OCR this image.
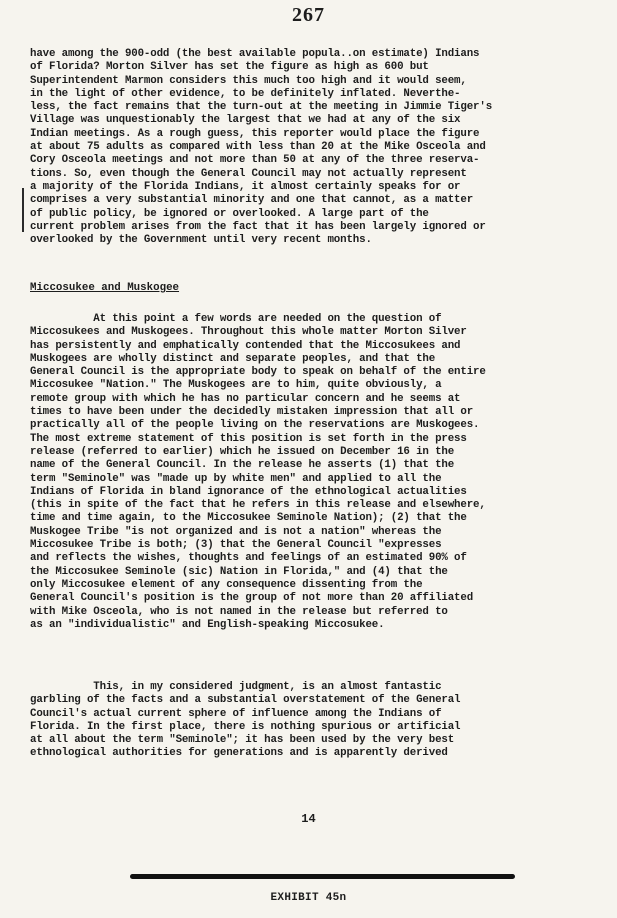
267
have among the 900-odd (the best available popula..on estimate) Indians
of Florida? Morton Silver has set the figure as high as 600 but
Superintendent Marmon considers this much too high and it would seem,
in the light of other evidence, to be definitely inflated. Neverthe-
less, the fact remains that the turn-out at the meeting in Jimmie Tiger's
Village was unquestionably the largest that we had at any of the six
Indian meetings. As a rough guess, this reporter would place the figure
at about 75 adults as compared with less than 20 at the Mike Osceola and
Cory Osceola meetings and not more than 50 at any of the three reserva-
tions. So, even though the General Council may not actually represent
a majority of the Florida Indians, it almost certainly speaks for or
comprises a very substantial minority and one that cannot, as a matter
of public policy, be ignored or overlooked. A large part of the
current problem arises from the fact that it has been largely ignored or
overlooked by the Government until very recent months.
Miccosukee and Muskogee
At this point a few words are needed on the question of
Miccosukees and Muskogees. Throughout this whole matter Morton Silver
has persistently and emphatically contended that the Miccosukees and
Muskogees are wholly distinct and separate peoples, and that the
General Council is the appropriate body to speak on behalf of the entire
Miccosukee "Nation." The Muskogees are to him, quite obviously, a
remote group with which he has no particular concern and he seems at
times to have been under the decidedly mistaken impression that all or
practically all of the people living on the reservations are Muskogees.
The most extreme statement of this position is set forth in the press
release (referred to earlier) which he issued on December 16 in the
name of the General Council. In the release he asserts (1) that the
term "Seminole" was "made up by white men" and applied to all the
Indians of Florida in bland ignorance of the ethnological actualities
(this in spite of the fact that he refers in this release and elsewhere,
time and time again, to the Miccosukee Seminole Nation); (2) that the
Muskogee Tribe "is not organized and is not a nation" whereas the
Miccosukee Tribe is both; (3) that the General Council "expresses
and reflects the wishes, thoughts and feelings of an estimated 90% of
the Miccosukee Seminole (sic) Nation in Florida," and (4) that the
only Miccosukee element of any consequence dissenting from the
General Council's position is the group of not more than 20 affiliated
with Mike Osceola, who is not named in the release but referred to
as an "individualistic" and English-speaking Miccosukee.
This, in my considered judgment, is an almost fantastic
garbling of the facts and a substantial overstatement of the General
Council's actual current sphere of influence among the Indians of
Florida. In the first place, there is nothing spurious or artificial
at all about the term "Seminole"; it has been used by the very best
ethnological authorities for generations and is apparently derived
14
EXHIBIT 45n
